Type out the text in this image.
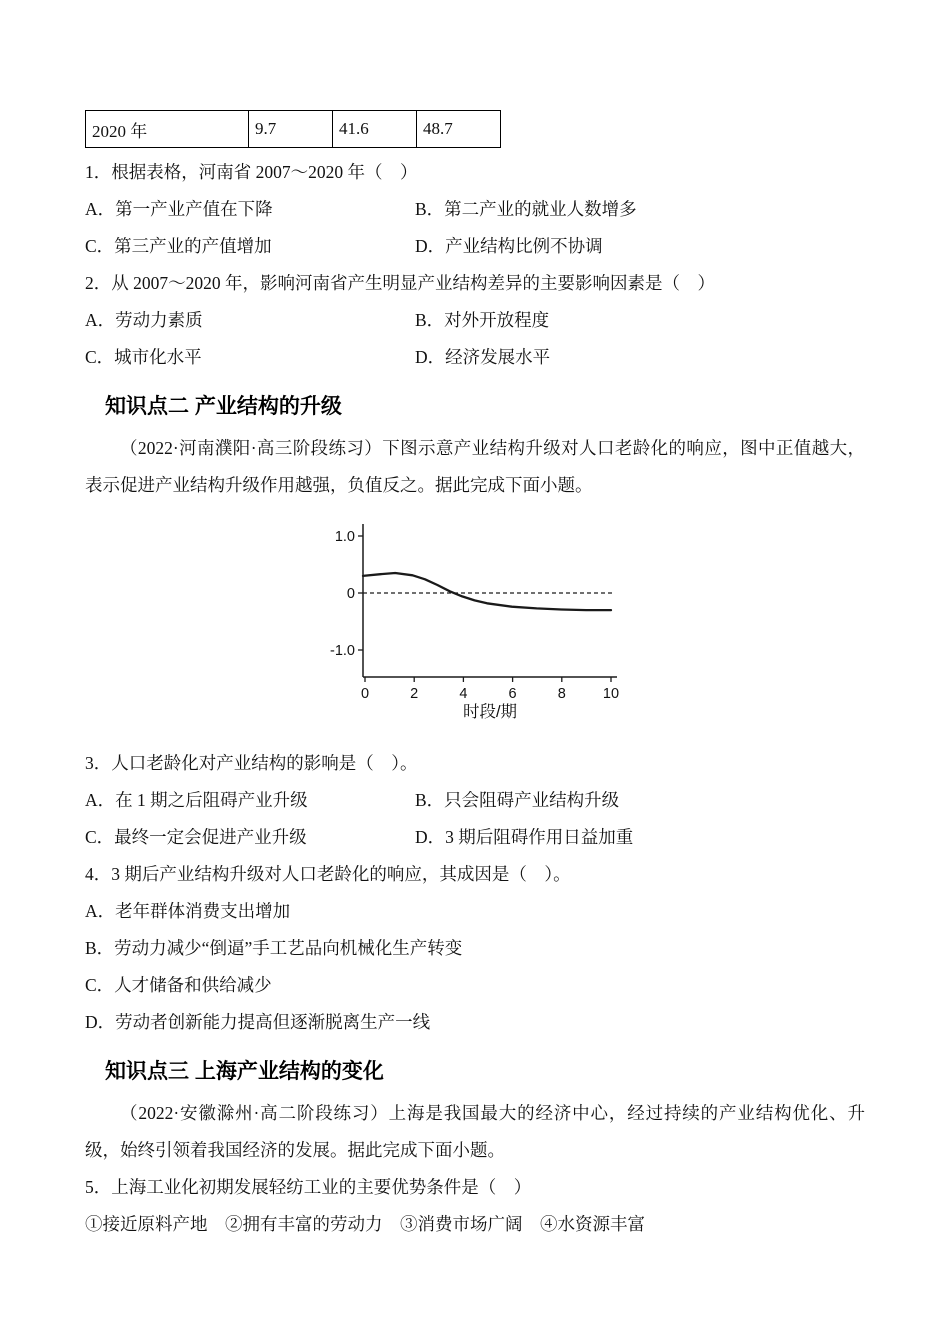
2020 年	9.7	41.6	48.7
1．根据表格，河南省 2007～2020 年（　）
A．第一产业产值在下降	B．第二产业的就业人数增多
C．第三产业的产值增加	D．产业结构比例不协调
2．从 2007～2020 年，影响河南省产生明显产业结构差异的主要影响因素是（　）
A．劳动力素质	B．对外开放程度
C．城市化水平	D．经济发展水平
知识点二 产业结构的升级
（2022·河南濮阳·高三阶段练习）下图示意产业结构升级对人口老龄化的响应，图中正值越大，表示促进产业结构升级作用越强，负值反之。据此完成下面小题。
1.0
0
-1.0
0	2	4	6	8	10
时段/期
3．人口老龄化对产业结构的影响是（　）。
A．在 1 期之后阻碍产业升级	B．只会阻碍产业结构升级
C．最终一定会促进产业升级	D．3 期后阻碍作用日益加重
4．3 期后产业结构升级对人口老龄化的响应，其成因是（　）。
A．老年群体消费支出增加
B．劳动力减少“倒逼”手工艺品向机械化生产转变
C．人才储备和供给减少
D．劳动者创新能力提高但逐渐脱离生产一线
知识点三 上海产业结构的变化
（2022·安徽滁州·高二阶段练习）上海是我国最大的经济中心，经过持续的产业结构优化、升级，始终引领着我国经济的发展。据此完成下面小题。
5．上海工业化初期发展轻纺工业的主要优势条件是（　）
①接近原料产地　②拥有丰富的劳动力　③消费市场广阔　④水资源丰富
